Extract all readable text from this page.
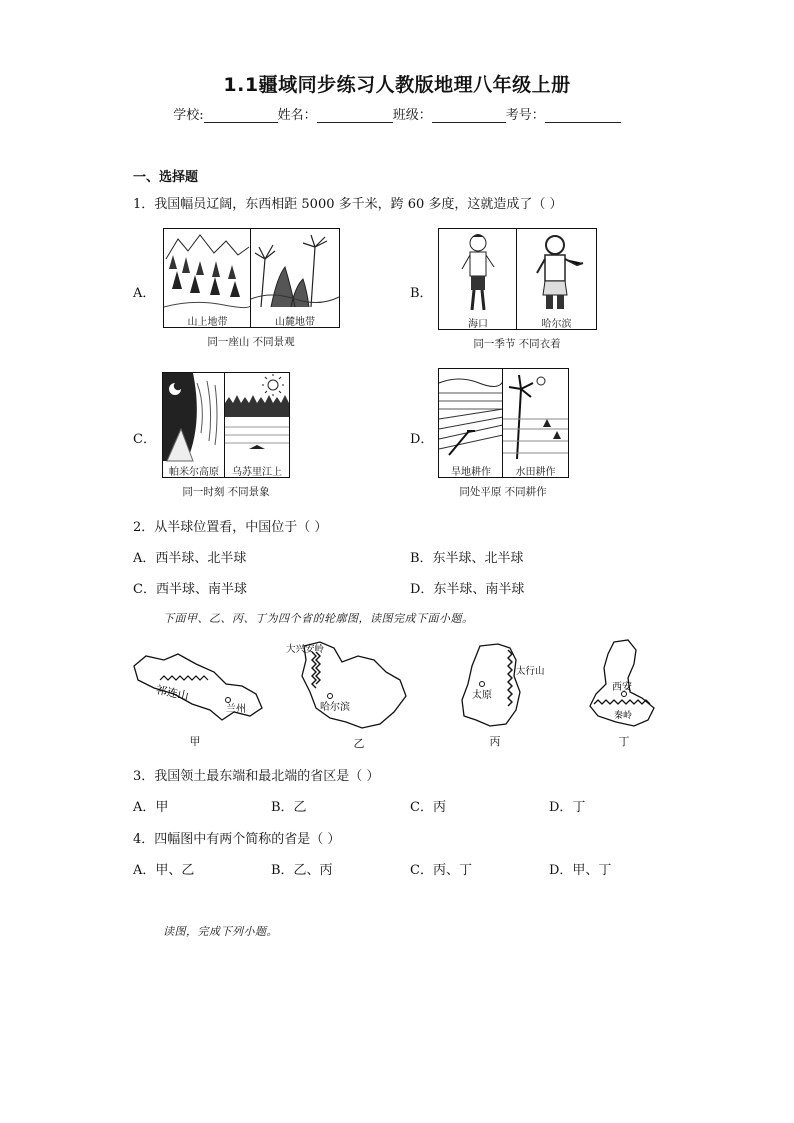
1.1疆域同步练习人教版地理八年级上册
学校:	姓名：	班级：	考号：
一、选择题
1．我国幅员辽阔，东西相距 5000 多千米，跨 60 多度，这就造成了（ ）
A．
山上地带	山麓地带
同一座山 不同景观
B．
海口	哈尔滨
同一季节 不同衣着
C．
帕米尔高原	乌苏里江上
同一时刻 不同景象
D．
旱地耕作	水田耕作
同处平原 不同耕作
2．从半球位置看，中国位于（ ）
A．西半球、北半球	B．东半球、北半球
C．西半球、南半球	D．东半球、南半球
下面甲、乙、丙、丁为四个省的轮廓图，读图完成下面小题。
祁连山
兰州
甲
大兴安岭
哈尔滨
乙
太原
太行山
丙
西安
秦岭
丁
3．我国领土最东端和最北端的省区是（ ）
A．甲	B．乙	C．丙	D．丁
4．四幅图中有两个简称的省是（ ）
A．甲、乙	B．乙、丙	C．丙、丁	D．甲、丁
读图，完成下列小题。
